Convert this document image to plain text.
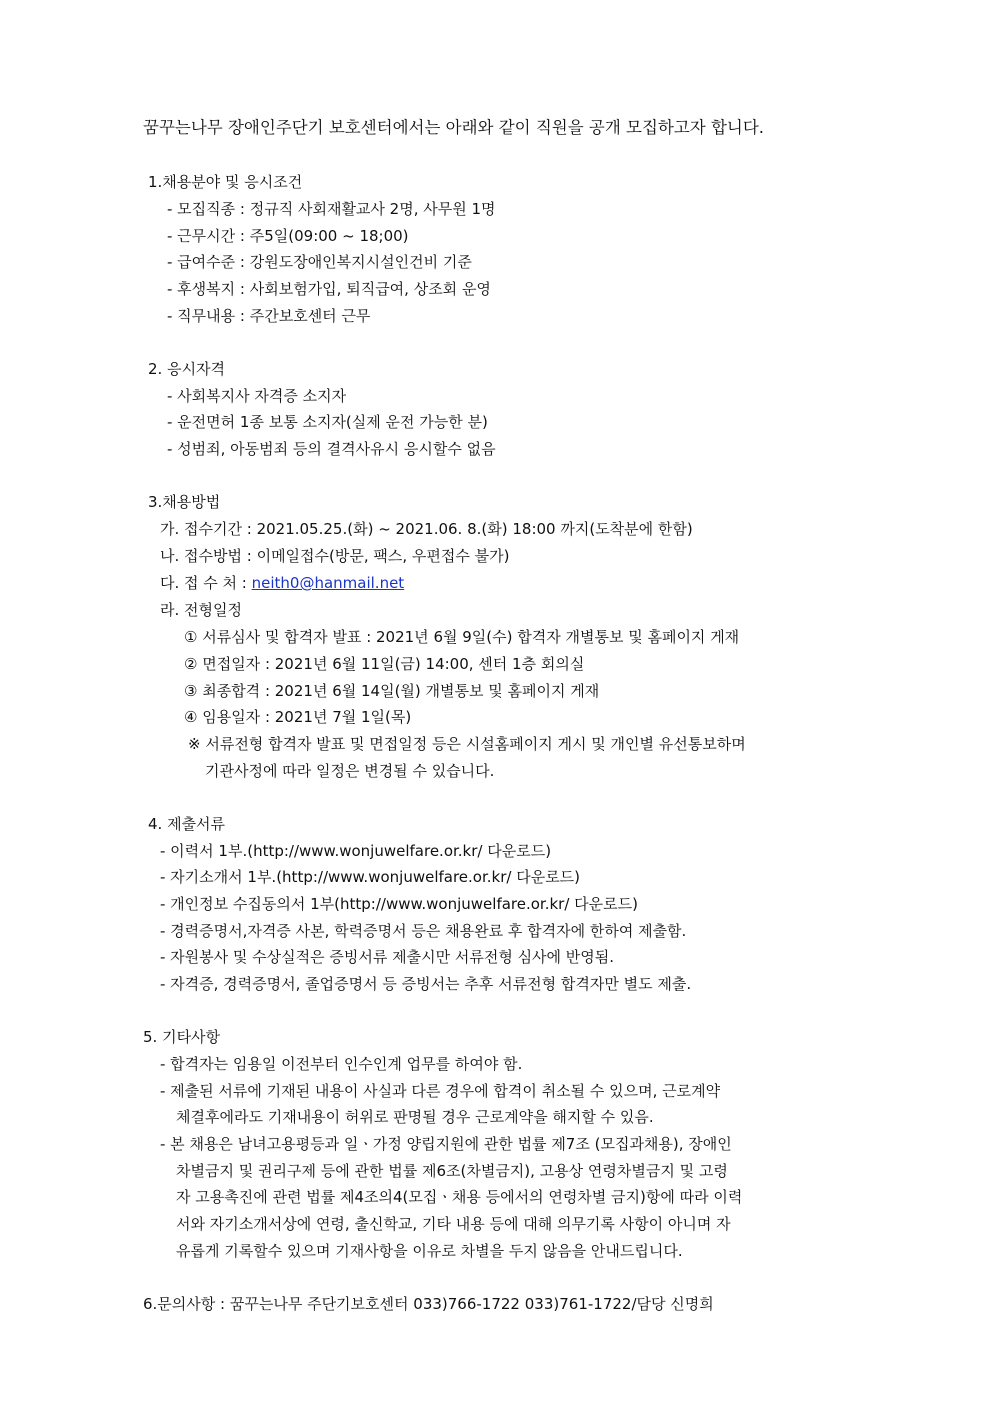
꿈꾸는나무 장애인주단기 보호센터에서는 아래와 같이 직원을 공개 모집하고자 합니다.
1.채용분야 및 응시조건
- 모집직종 : 정규직 사회재활교사 2명, 사무원 1명
- 근무시간 : 주5일(09:00 ~ 18;00)
- 급여수준 : 강원도장애인복지시설인건비 기준
- 후생복지 : 사회보험가입, 퇴직급여, 상조회 운영
- 직무내용 : 주간보호센터 근무
2. 응시자격
- 사회복지사 자격증 소지자
- 운전면허 1종 보통 소지자(실제 운전 가능한 분)
- 성범죄, 아동범죄 등의 결격사유시 응시할수 없음
3.채용방법
가. 접수기간 : 2021.05.25.(화) ~ 2021.06. 8.(화) 18:00 까지(도착분에 한함)
나. 접수방법 : 이메일접수(방문, 팩스, 우편접수 불가)
다. 접 수 처 : neith0@hanmail.net
라. 전형일정
① 서류심사 및 합격자 발표 : 2021년 6월 9일(수) 합격자 개별통보 및 홈페이지 게재
② 면접일자 : 2021년 6월 11일(금) 14:00, 센터 1층 회의실
③ 최종합격 : 2021년 6월 14일(월) 개별통보 및 홈페이지 게재
④ 임용일자 : 2021년 7월 1일(목)
※ 서류전형 합격자 발표 및 면접일정 등은 시설홈페이지 게시 및 개인별 유선통보하며
기관사정에 따라 일정은 변경될 수 있습니다.
4. 제출서류
- 이력서 1부.(http://www.wonjuwelfare.or.kr/ 다운로드)
- 자기소개서 1부.(http://www.wonjuwelfare.or.kr/ 다운로드)
- 개인정보 수집동의서 1부(http://www.wonjuwelfare.or.kr/ 다운로드)
- 경력증명서,자격증 사본, 학력증명서 등은 채용완료 후 합격자에 한하여 제출함.
- 자원봉사 및 수상실적은 증빙서류 제출시만 서류전형 심사에 반영됨.
- 자격증, 경력증명서, 졸업증명서 등 증빙서는 추후 서류전형 합격자만 별도 제출.
5. 기타사항
- 합격자는 임용일 이전부터 인수인계 업무를 하여야 함.
- 제출된 서류에 기재된 내용이 사실과 다른 경우에 합격이 취소될 수 있으며, 근로계약
체결후에라도 기재내용이 허위로 판명될 경우 근로계약을 해지할 수 있음.
- 본 채용은 남녀고용평등과 일ㆍ가정 양립지원에 관한 법률 제7조 (모집과채용), 장애인
차별금지 및 권리구제 등에 관한 법률 제6조(차별금지), 고용상 연령차별금지 및 고령
자 고용촉진에 관련 법률 제4조의4(모집ㆍ채용 등에서의 연령차별 금지)항에 따라 이력
서와 자기소개서상에 연령, 출신학교, 기타 내용 등에 대해 의무기록 사항이 아니며 자
유롭게 기록할수 있으며 기재사항을 이유로 차별을 두지 않음을 안내드립니다.
6.문의사항 : 꿈꾸는나무 주단기보호센터 033)766-1722 033)761-1722/담당 신명희
